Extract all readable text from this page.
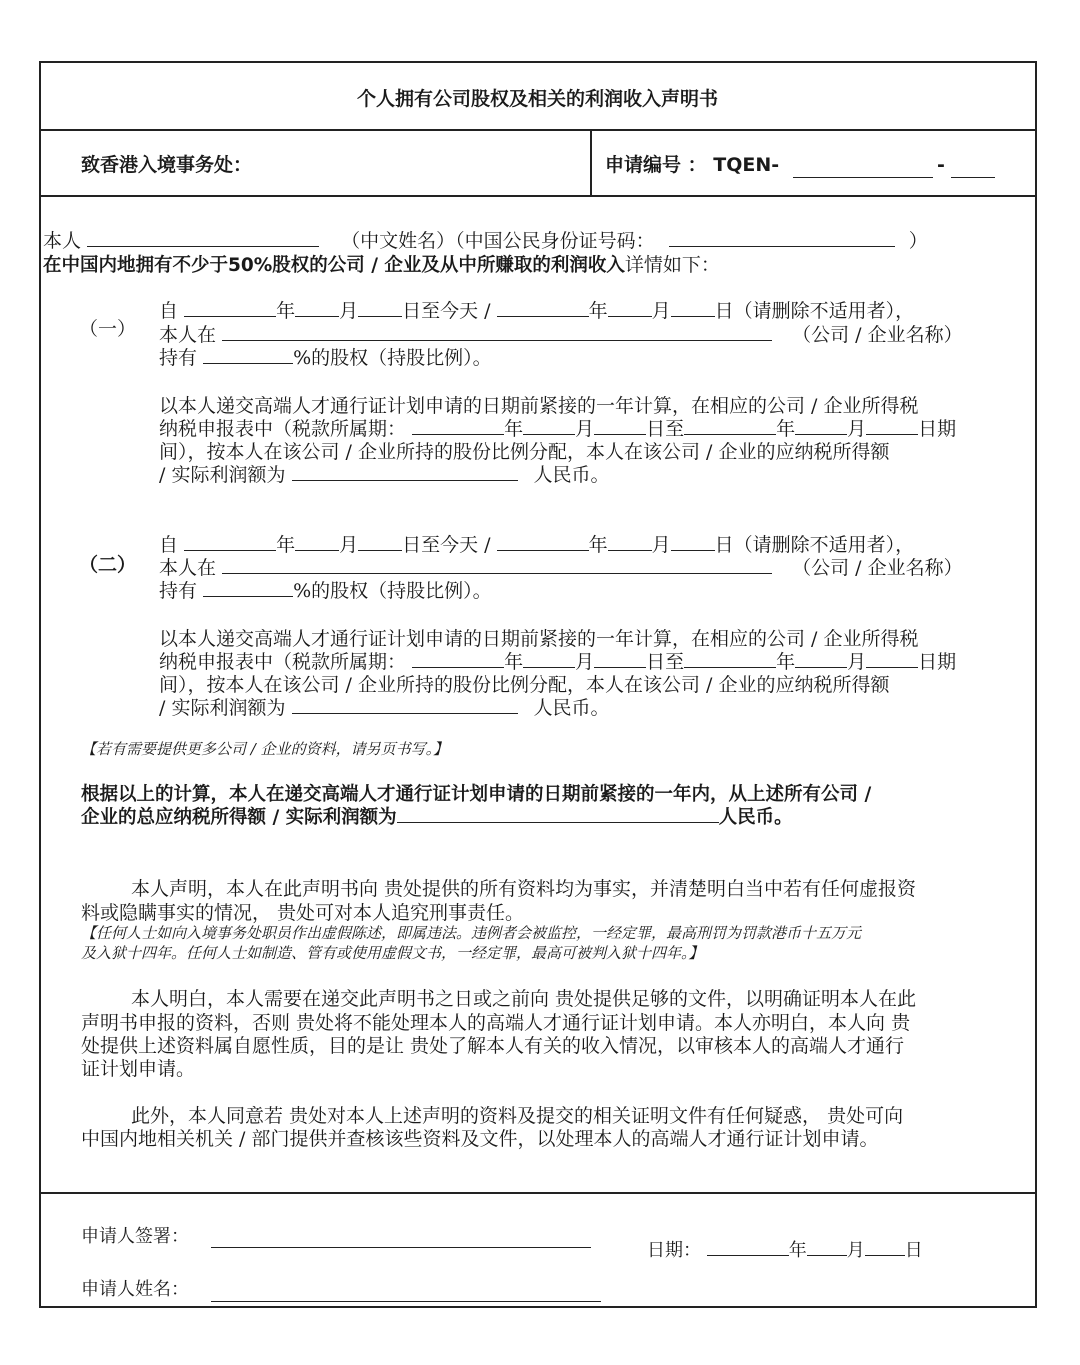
个人拥有公司股权及相关的利润收入声明书
致香港入境事务处：	申请编号 ： TQEN-	-
本人	（中文姓名）（中国公民身份证号码：	）
在中国内地拥有不少于50%股权的公司 / 企业及从中所赚取的利润收入详情如下：
（一）
自	年 月 日至今天 /	年 月 日（请删除不适用者），
本人在	（公司 / 企业名称）
持有	%的股权（持股比例）。
以本人递交高端人才通行证计划申请的日期前紧接的一年计算，在相应的公司 / 企业所得税
纳税申报表中（税款所属期：	年	月	日至	年	月	日期
间），按本人在该公司 / 企业所持的股份比例分配，本人在该公司 / 企业的应纳税所得额
/ 实际利润额为	人民币。
（二）
自	年 月 日至今天 /	年 月 日（请删除不适用者），
本人在	（公司 / 企业名称）
持有	%的股权（持股比例）。
以本人递交高端人才通行证计划申请的日期前紧接的一年计算，在相应的公司 / 企业所得税
纳税申报表中（税款所属期：	年	月	日至	年	月	日期
间），按本人在该公司 / 企业所持的股份比例分配，本人在该公司 / 企业的应纳税所得额
/ 实际利润额为	人民币。
【若有需要提供更多公司 / 企业的资料，请另页书写。】
根据以上的计算，本人在递交高端人才通行证计划申请的日期前紧接的一年内，从上述所有公司 /
企业的总应纳税所得额 / 实际利润额为	人民币。
本人声明，本人在此声明书向 贵处提供的所有资料均为事实，并清楚明白当中若有任何虚报资
料或隐瞒事实的情况， 贵处可对本人追究刑事责任。
【任何人士如向入境事务处职员作出虚假陈述，即属违法。违例者会被监控，一经定罪，最高刑罚为罚款港币十五万元
及入狱十四年。任何人士如制造、管有或使用虚假文书，一经定罪，最高可被判入狱十四年。】
本人明白，本人需要在递交此声明书之日或之前向 贵处提供足够的文件，以明确证明本人在此
声明书申报的资料，否则 贵处将不能处理本人的高端人才通行证计划申请。本人亦明白，本人向 贵
处提供上述资料属自愿性质，目的是让 贵处了解本人有关的收入情况，以审核本人的高端人才通行
证计划申请。
此外，本人同意若 贵处对本人上述声明的资料及提交的相关证明文件有任何疑惑， 贵处可向
中国内地相关机关 / 部门提供并查核该些资料及文件，以处理本人的高端人才通行证计划申请。
申请人签署：
申请人姓名：
日期：	年 月 日
